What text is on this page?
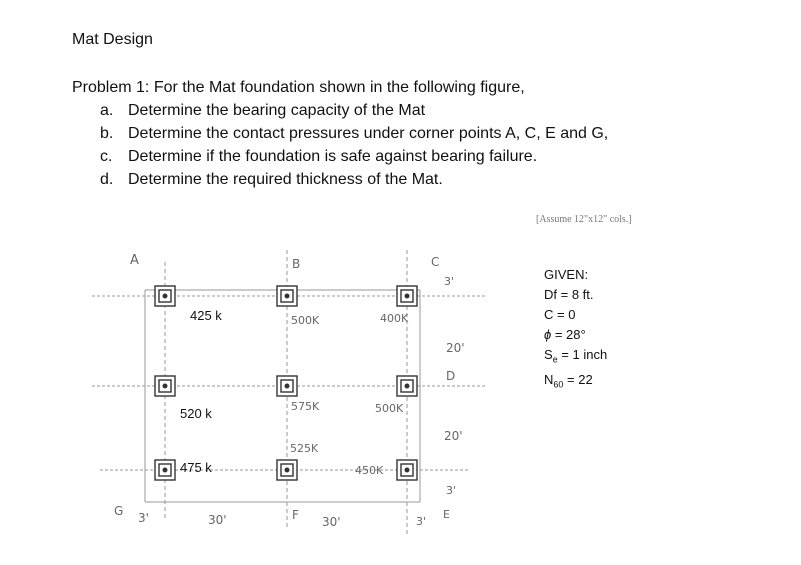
Mat Design
Problem 1: For the Mat foundation shown in the following figure,
a. Determine the bearing capacity of the Mat
b. Determine the contact pressures under corner points A, C, E and G,
c. Determine if the foundation is safe against bearing failure.
d. Determine the required thickness of the Mat.
[Assume 12"x12" cols.]
A	B	C
D
E
F
G
425 k	500K	400K
520 k	575K	500K
475 k
525K
450K
3'	30'	30'	3'
3'
20'
20'
3'
GIVEN:
Df = 8 ft.
C = 0
ϕ = 28°
$S_e = 1$ inch
$N_{60} = 22$
